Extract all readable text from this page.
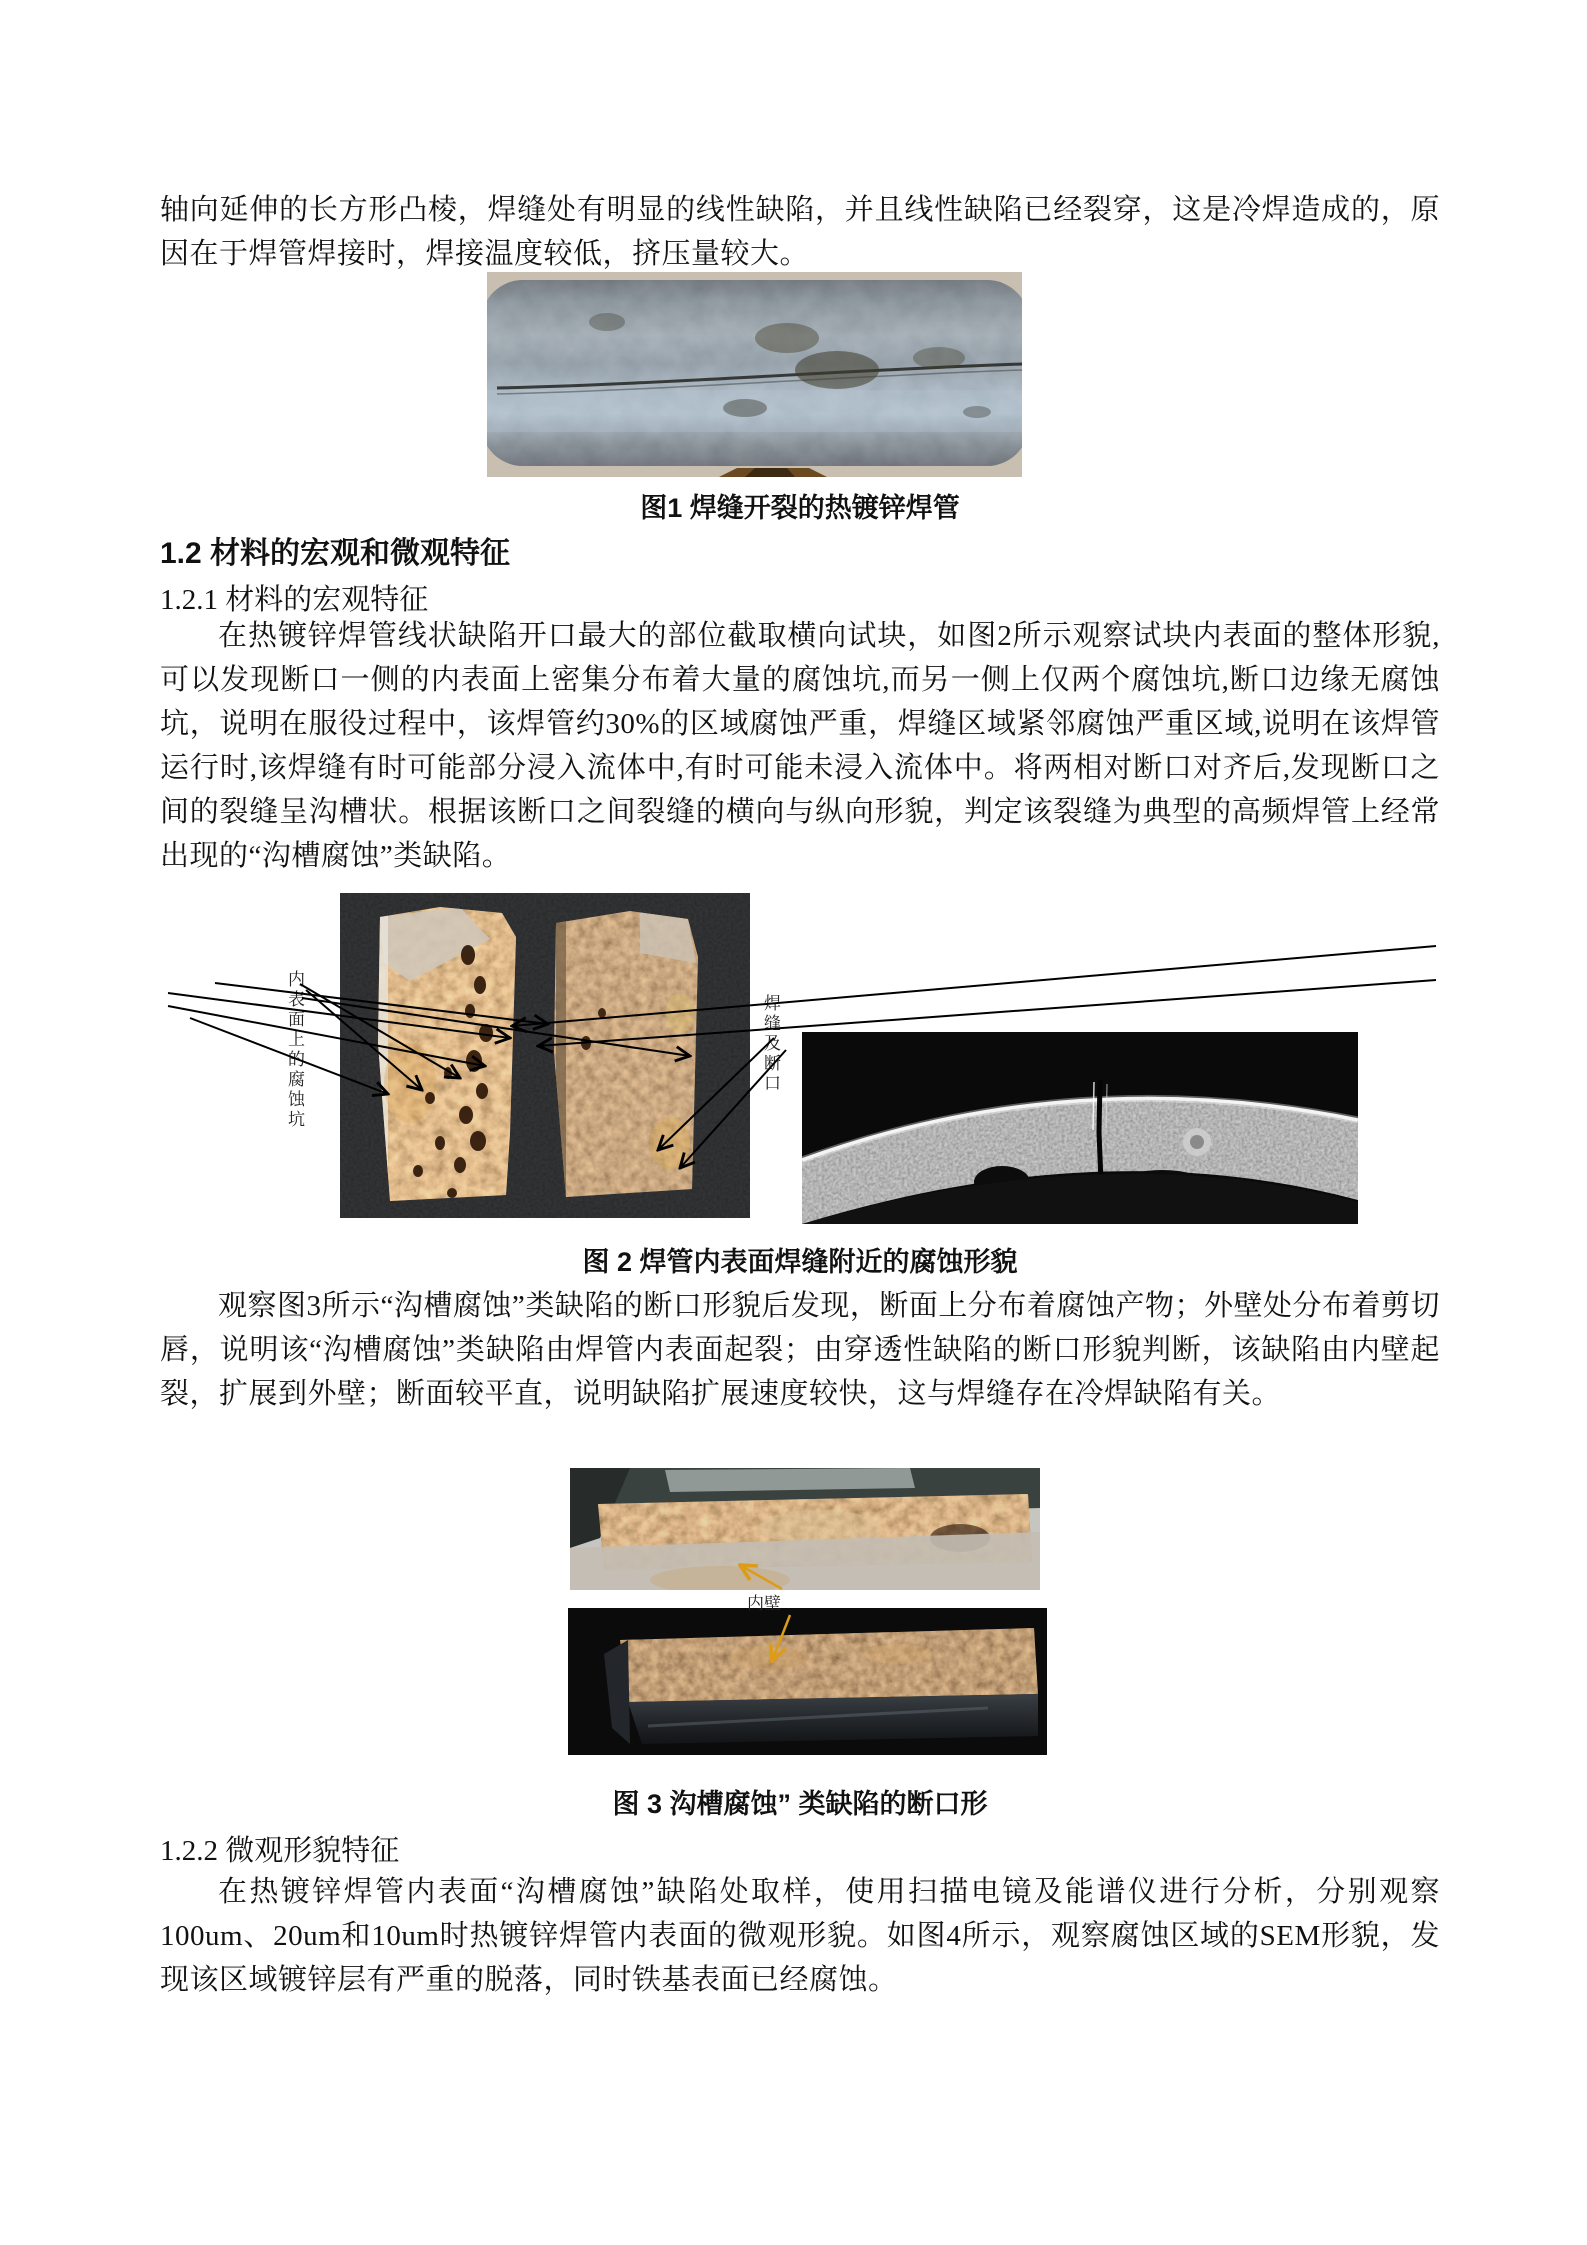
轴向延伸的长方形凸棱，焊缝处有明显的线性缺陷，并且线性缺陷已经裂穿，这是冷焊造成的，原因在于焊管焊接时，焊接温度较低，挤压量较大。
图1 焊缝开裂的热镀锌焊管
1.2 材料的宏观和微观特征
1.2.1 材料的宏观特征
在热镀锌焊管线状缺陷开口最大的部位截取横向试块，如图2所示观察试块内表面的整体形貌,可以发现断口一侧的内表面上密集分布着大量的腐蚀坑,而另一侧上仅两个腐蚀坑,断口边缘无腐蚀坑，说明在服役过程中，该焊管约30%的区域腐蚀严重，焊缝区域紧邻腐蚀严重区域,说明在该焊管运行时,该焊缝有时可能部分浸入流体中,有时可能未浸入流体中。将两相对断口对齐后,发现断口之间的裂缝呈沟槽状。根据该断口之间裂缝的横向与纵向形貌，判定该裂缝为典型的高频焊管上经常出现的“沟槽腐蚀”类缺陷。
内表面上的腐蚀坑	焊缝及断口
图 2 焊管内表面焊缝附近的腐蚀形貌
观察图3所示“沟槽腐蚀”类缺陷的断口形貌后发现，断面上分布着腐蚀产物；外壁处分布着剪切唇，说明该“沟槽腐蚀”类缺陷由焊管内表面起裂；由穿透性缺陷的断口形貌判断，该缺陷由内壁起裂，扩展到外壁；断面较平直，说明缺陷扩展速度较快，这与焊缝存在冷焊缺陷有关。
内壁
图 3 沟槽腐蚀” 类缺陷的断口形
1.2.2 微观形貌特征
在热镀锌焊管内表面“沟槽腐蚀”缺陷处取样，使用扫描电镜及能谱仪进行分析，分别观察100um、20um和10um时热镀锌焊管内表面的微观形貌。如图4所示，观察腐蚀区域的SEM形貌，发现该区域镀锌层有严重的脱落，同时铁基表面已经腐蚀。
